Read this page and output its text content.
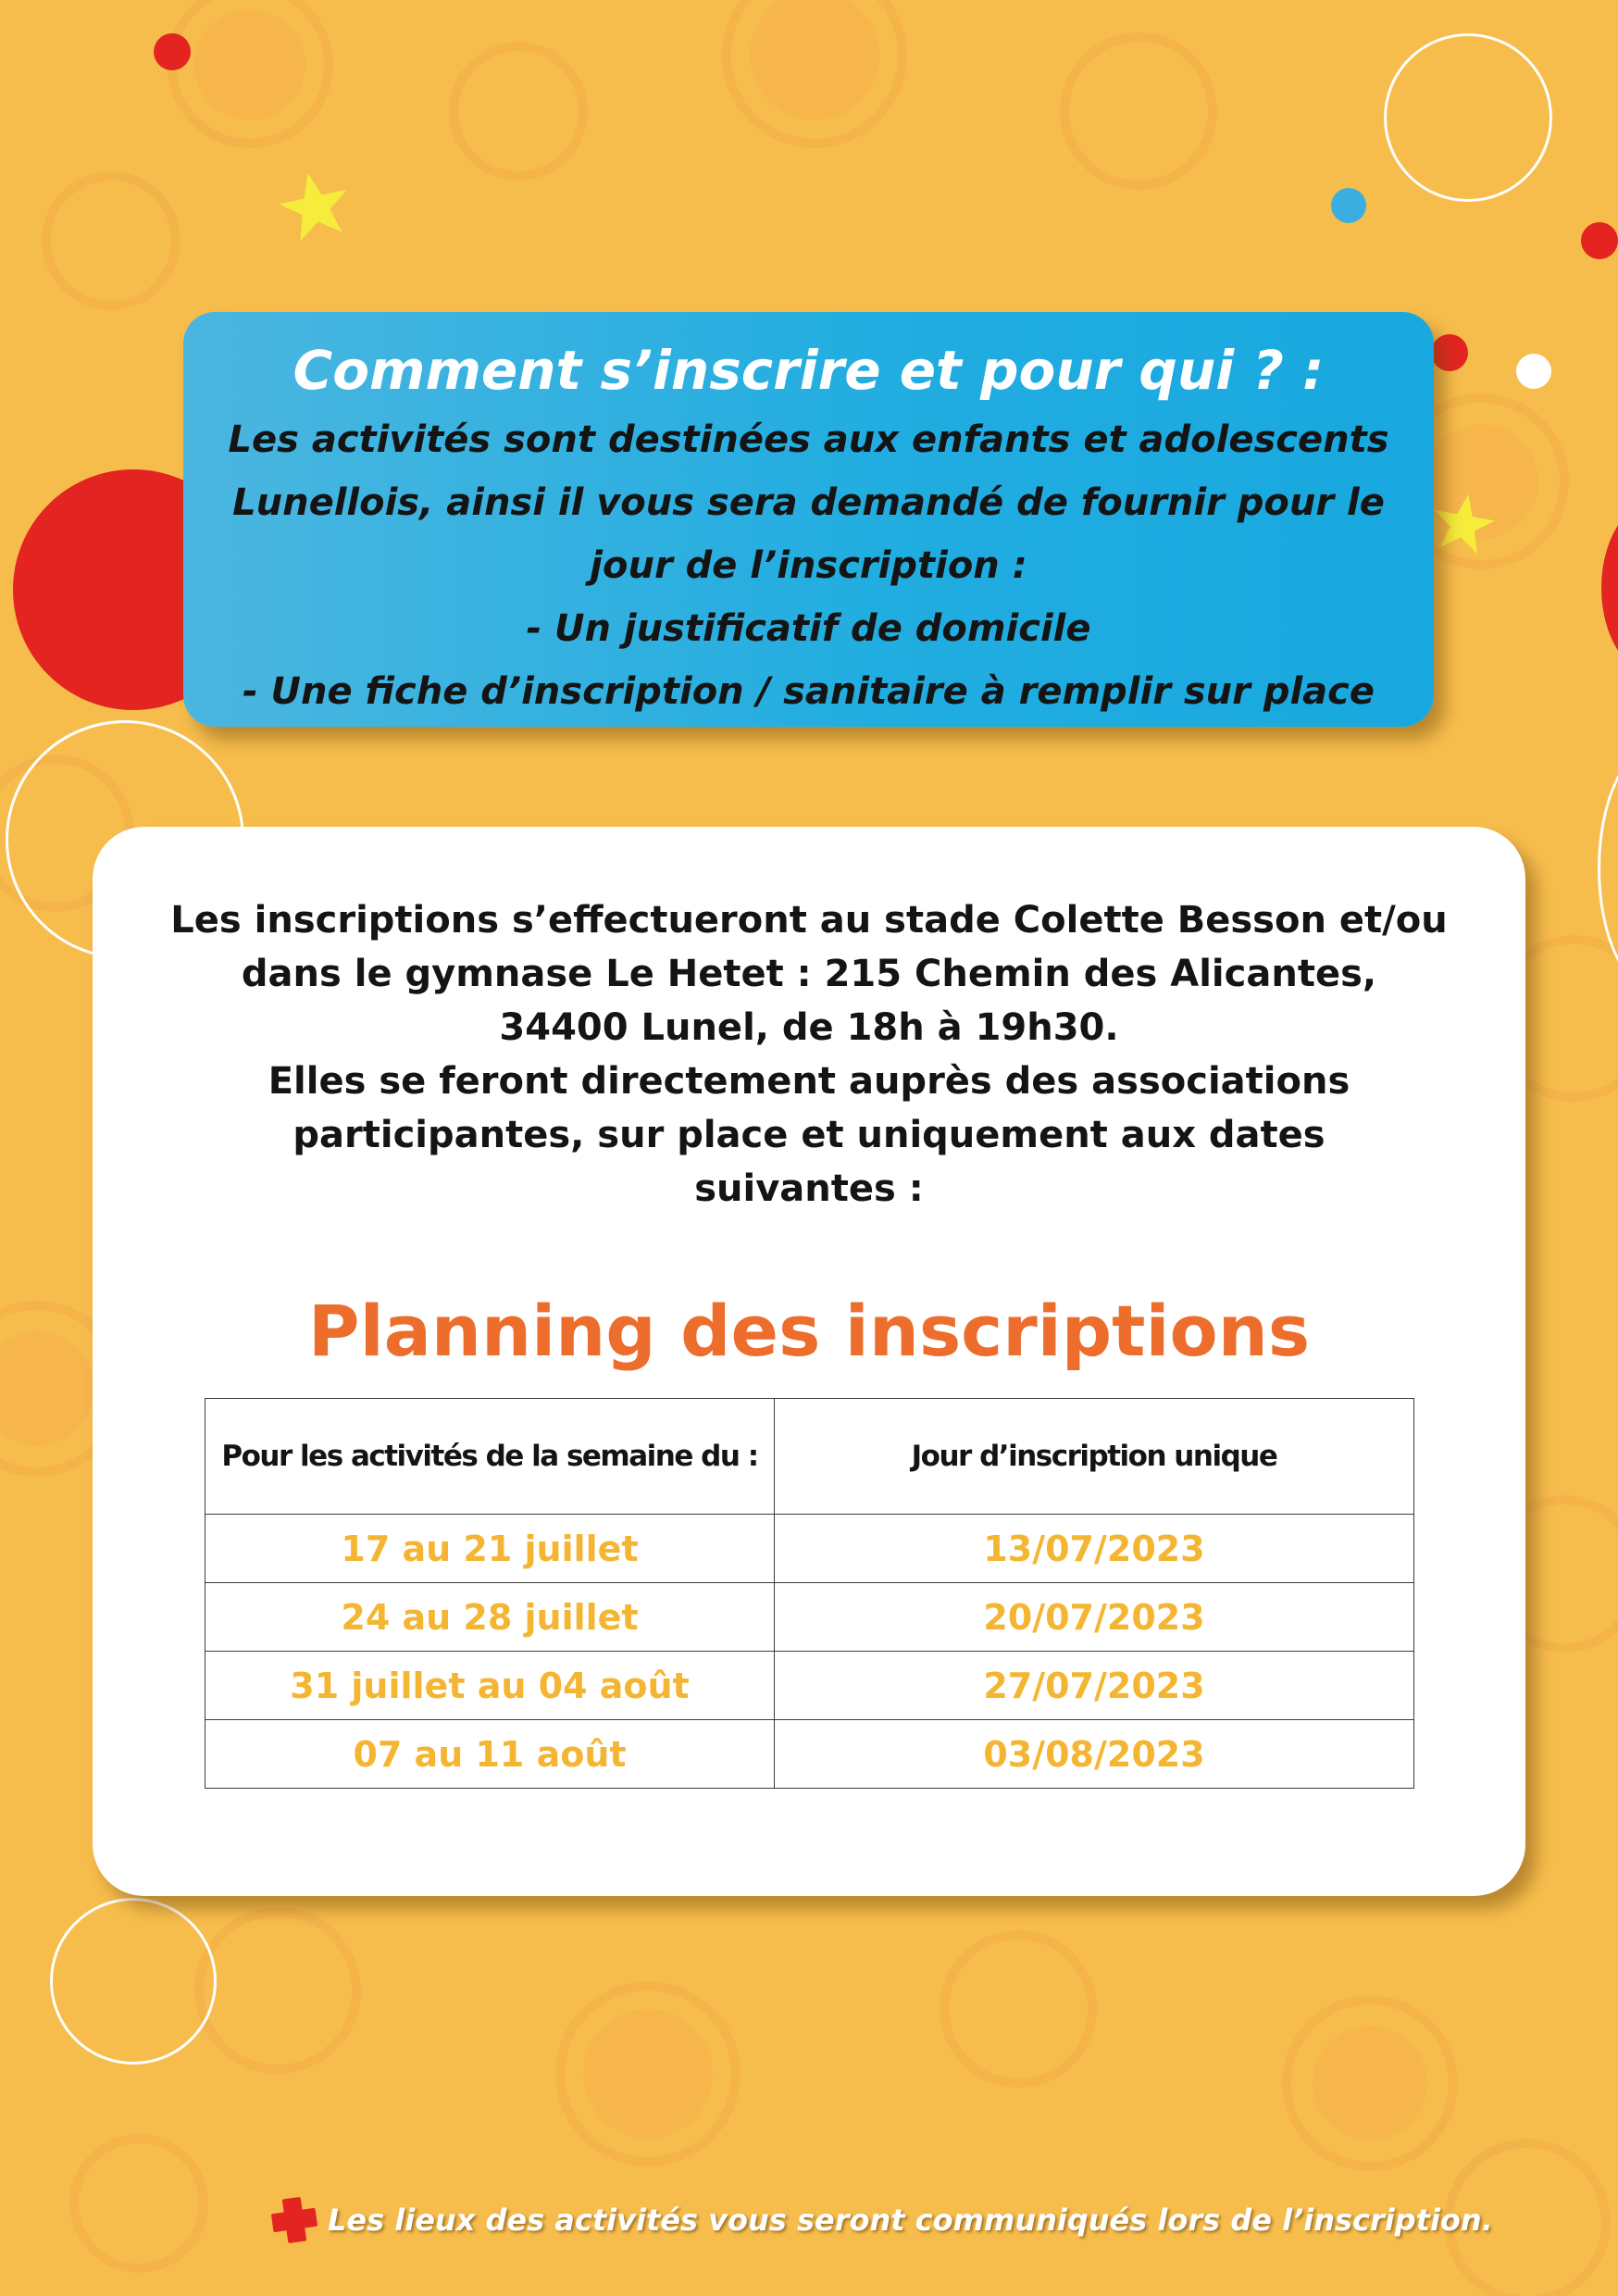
Comment s’inscrire et pour qui ? :

Les activités sont destinées aux enfants et adolescents

Lunellois, ainsi il vous sera demandé de fournir pour le

jour de l’inscription :

- Un justificatif de domicile

- Une fiche d’inscription / sanitaire à remplir sur place

Les inscriptions s’effectueront au stade Colette Besson et/ou

dans le gymnase Le Hetet : 215 Chemin des Alicantes,

34400 Lunel, de 18h à 19h30.

Elles se feront directement auprès des associations

participantes, sur place et uniquement aux dates

suivantes :

Planning des inscriptions
Pour les activités de la semaine du :	Jour d’inscription unique
17 au 21 juillet	13/07/2023
24 au 28 juillet	20/07/2023
31 juillet au 04 août	27/07/2023
07 au 11 août	03/08/2023
Les lieux des activités vous seront communiqués lors de l’inscription.
